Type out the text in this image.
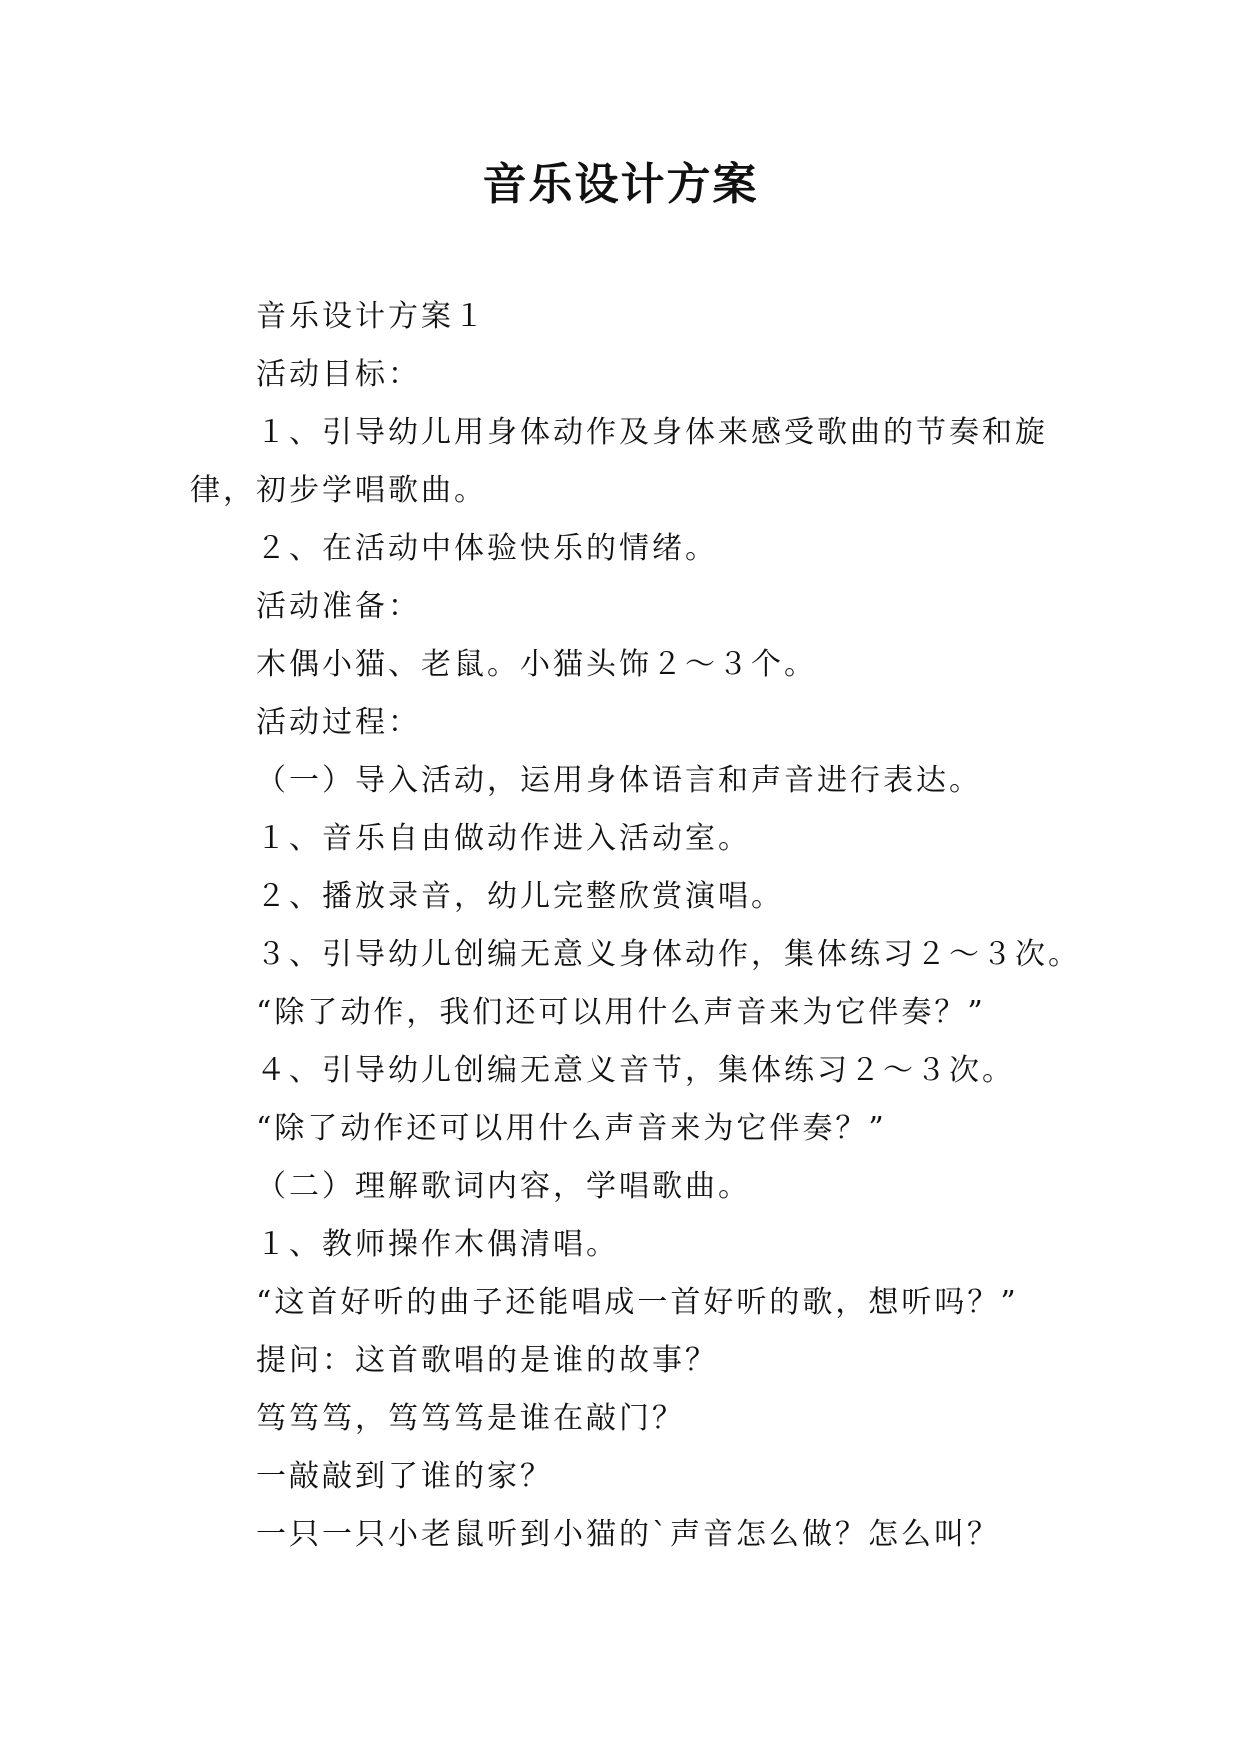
音乐设计方案
音乐设计方案１
活动目标：
１、引导幼儿用身体动作及身体来感受歌曲的节奏和旋
律，初步学唱歌曲。
２、在活动中体验快乐的情绪。
活动准备：
木偶小猫、老鼠。小猫头饰２～３个。
活动过程：
（一）导入活动，运用身体语言和声音进行表达。
１、音乐自由做动作进入活动室。
２、播放录音，幼儿完整欣赏演唱。
３、引导幼儿创编无意义身体动作，集体练习２～３次。
“除了动作，我们还可以用什么声音来为它伴奏？”
４、引导幼儿创编无意义音节，集体练习２～３次。
“除了动作还可以用什么声音来为它伴奏？”
（二）理解歌词内容，学唱歌曲。
１、教师操作木偶清唱。
“这首好听的曲子还能唱成一首好听的歌，想听吗？”
提问：这首歌唱的是谁的故事？
笃笃笃，笃笃笃是谁在敲门？
一敲敲到了谁的家？
一只一只小老鼠听到小猫的`声音怎么做？怎么叫？
